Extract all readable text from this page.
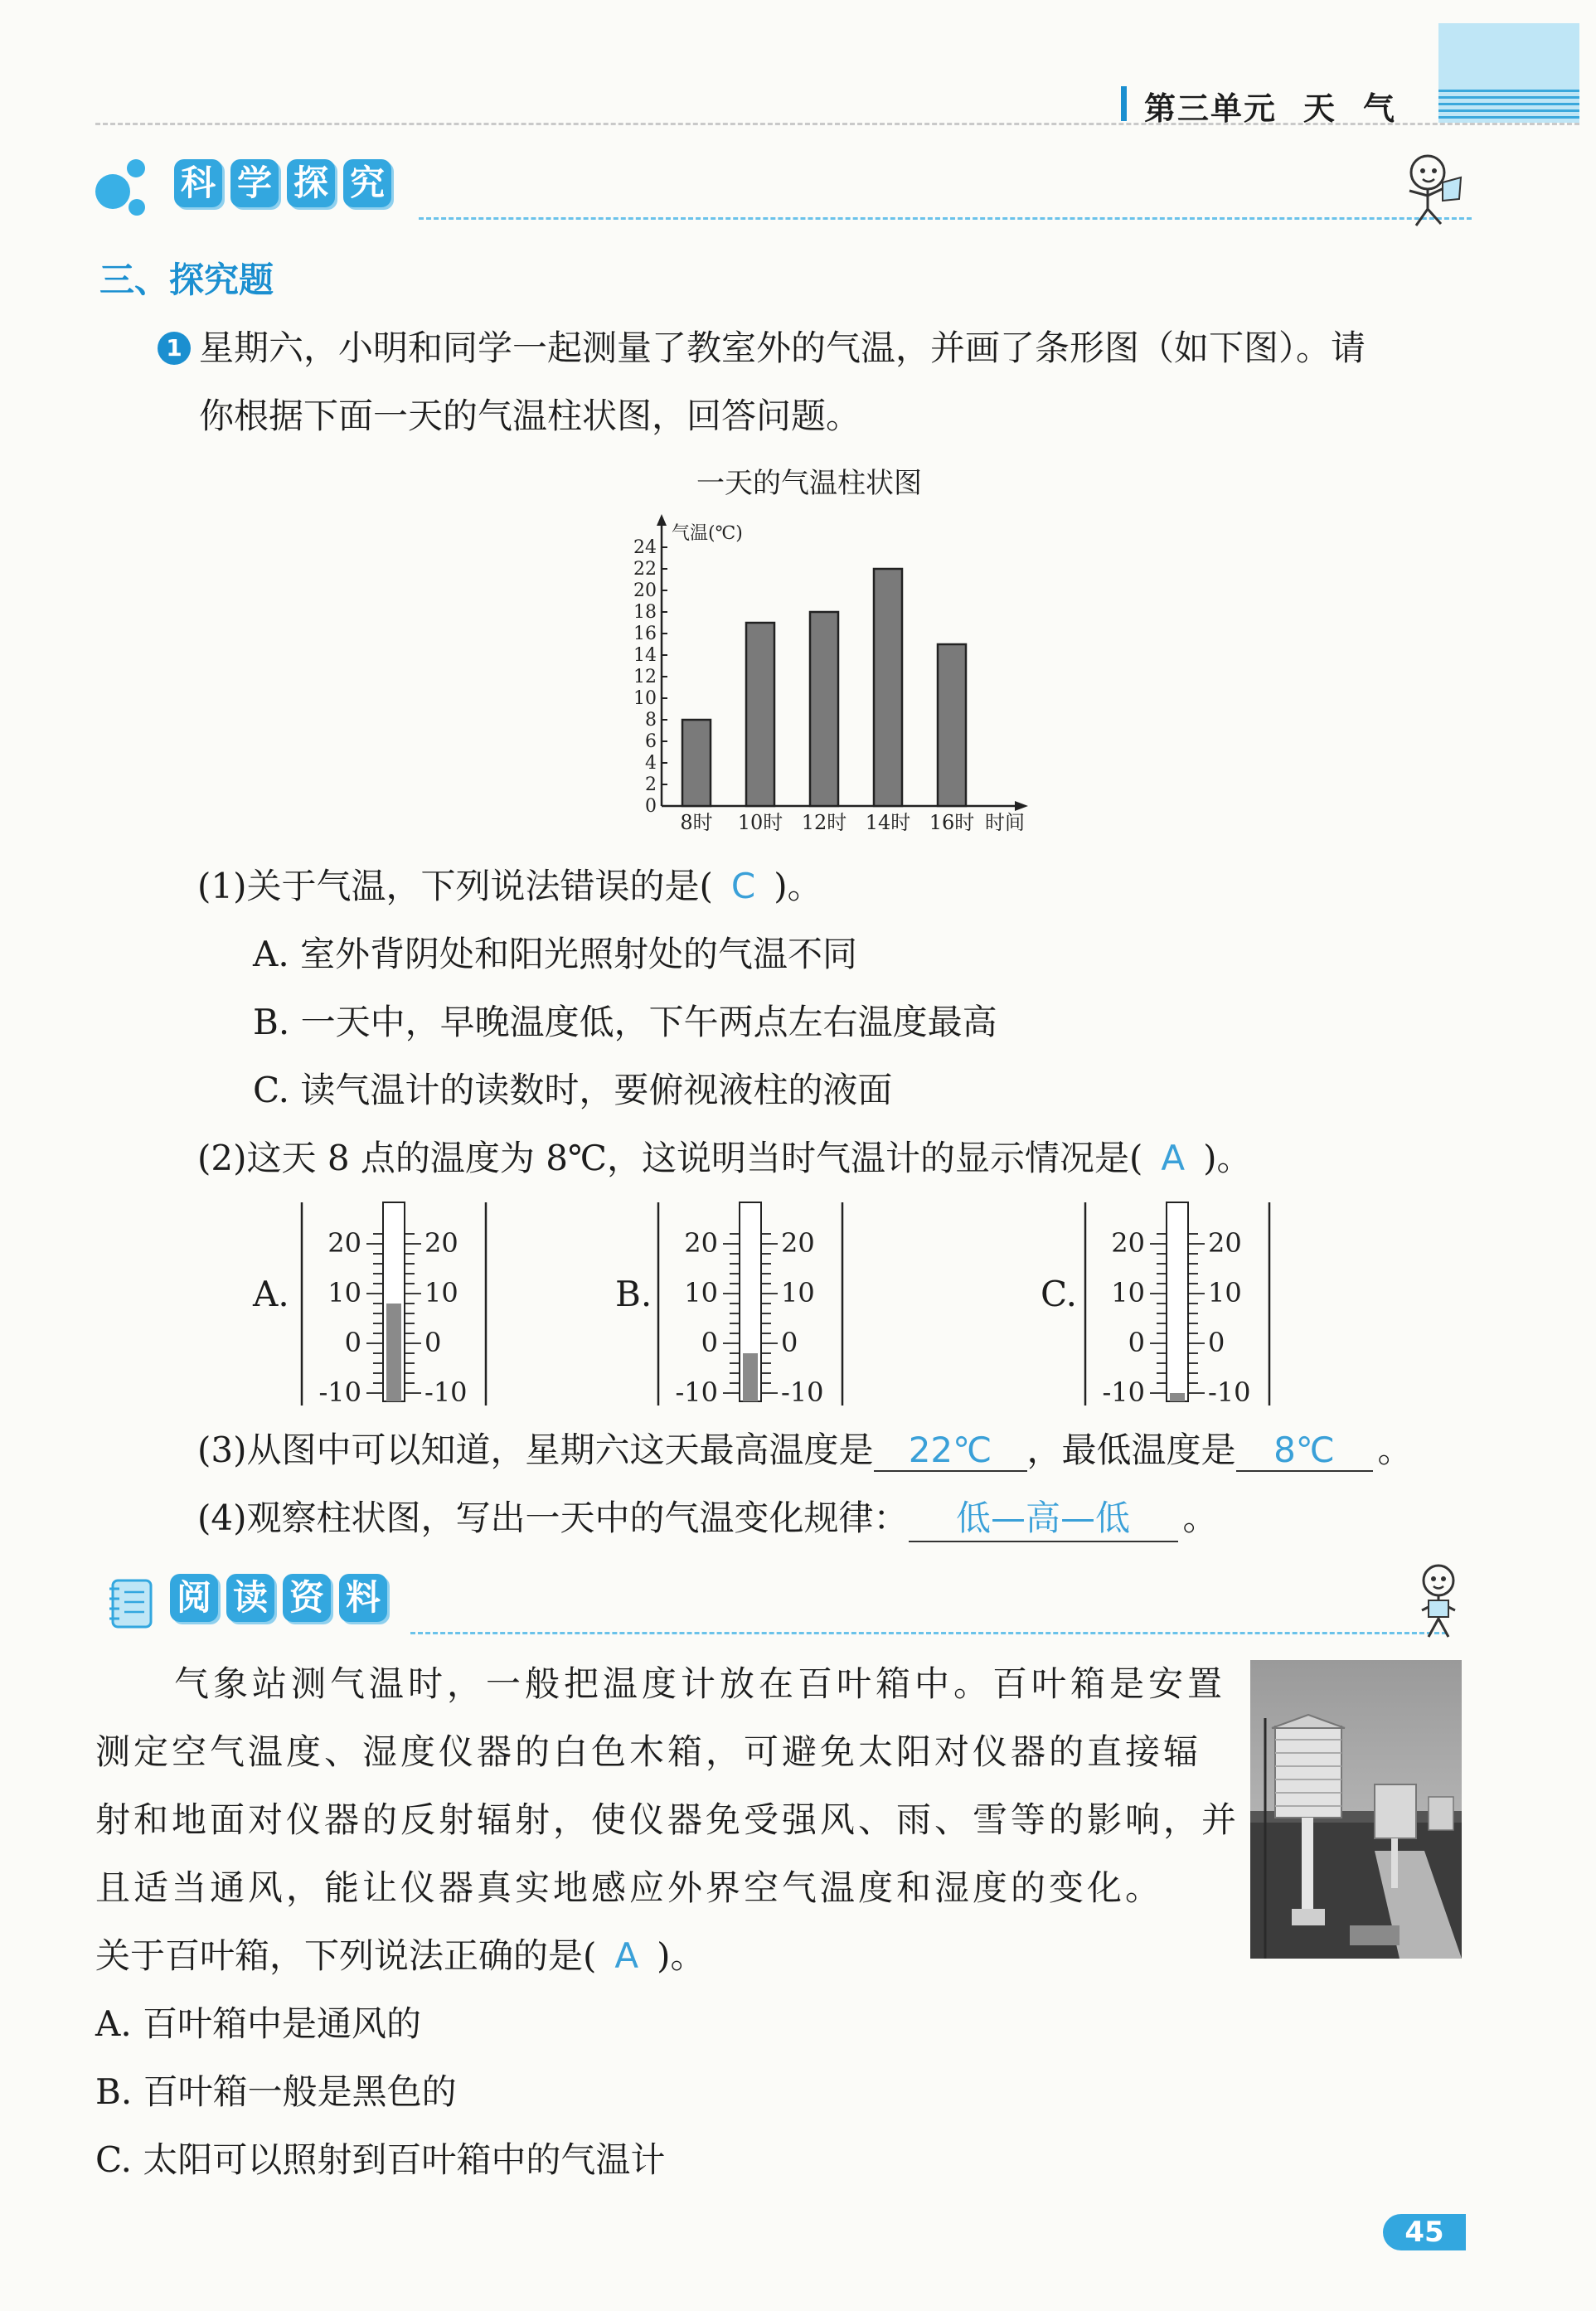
第三单元 天 气
科 学 探 究
三、探究题
1 星期六，小明和同学一起测量了教室外的气温，并画了条形图（如下图）。请
你根据下面一天的气温柱状图，回答问题。
一天的气温柱状图
气温(℃)
时间
0
2
4
6
8
10
12
14
16
18
20
22
24
8时 10时 12时 14时 16时
(1)关于气温，下列说法错误的是( C )。
A. 室外背阴处和阳光照射处的气温不同
B. 一天中，早晚温度低，下午两点左右温度最高
C. 读气温计的读数时，要俯视液柱的液面
(2)这天 8 点的温度为 8℃，这说明当时气温计的显示情况是( A )。
A.	B.	C.
20 20
10 10
0 0
-10 -10
20 20
10 10
0 0
-10 -10
20 20
10 10
0 0
-10 -10
(3)从图中可以知道，星期六这天最高温度是 22℃ ，最低温度是 8℃ 。
(4)观察柱状图，写出一天中的气温变化规律： 低—高—低 。
阅 读 资 料
气象站测气温时，一般把温度计放在百叶箱中。百叶箱是安置
测定空气温度、湿度仪器的白色木箱，可避免太阳对仪器的直接辐
射和地面对仪器的反射辐射，使仪器免受强风、雨、雪等的影响，并
且适当通风，能让仪器真实地感应外界空气温度和湿度的变化。
关于百叶箱，下列说法正确的是( A )。
A. 百叶箱中是通风的
B. 百叶箱一般是黑色的
C. 太阳可以照射到百叶箱中的气温计
45
